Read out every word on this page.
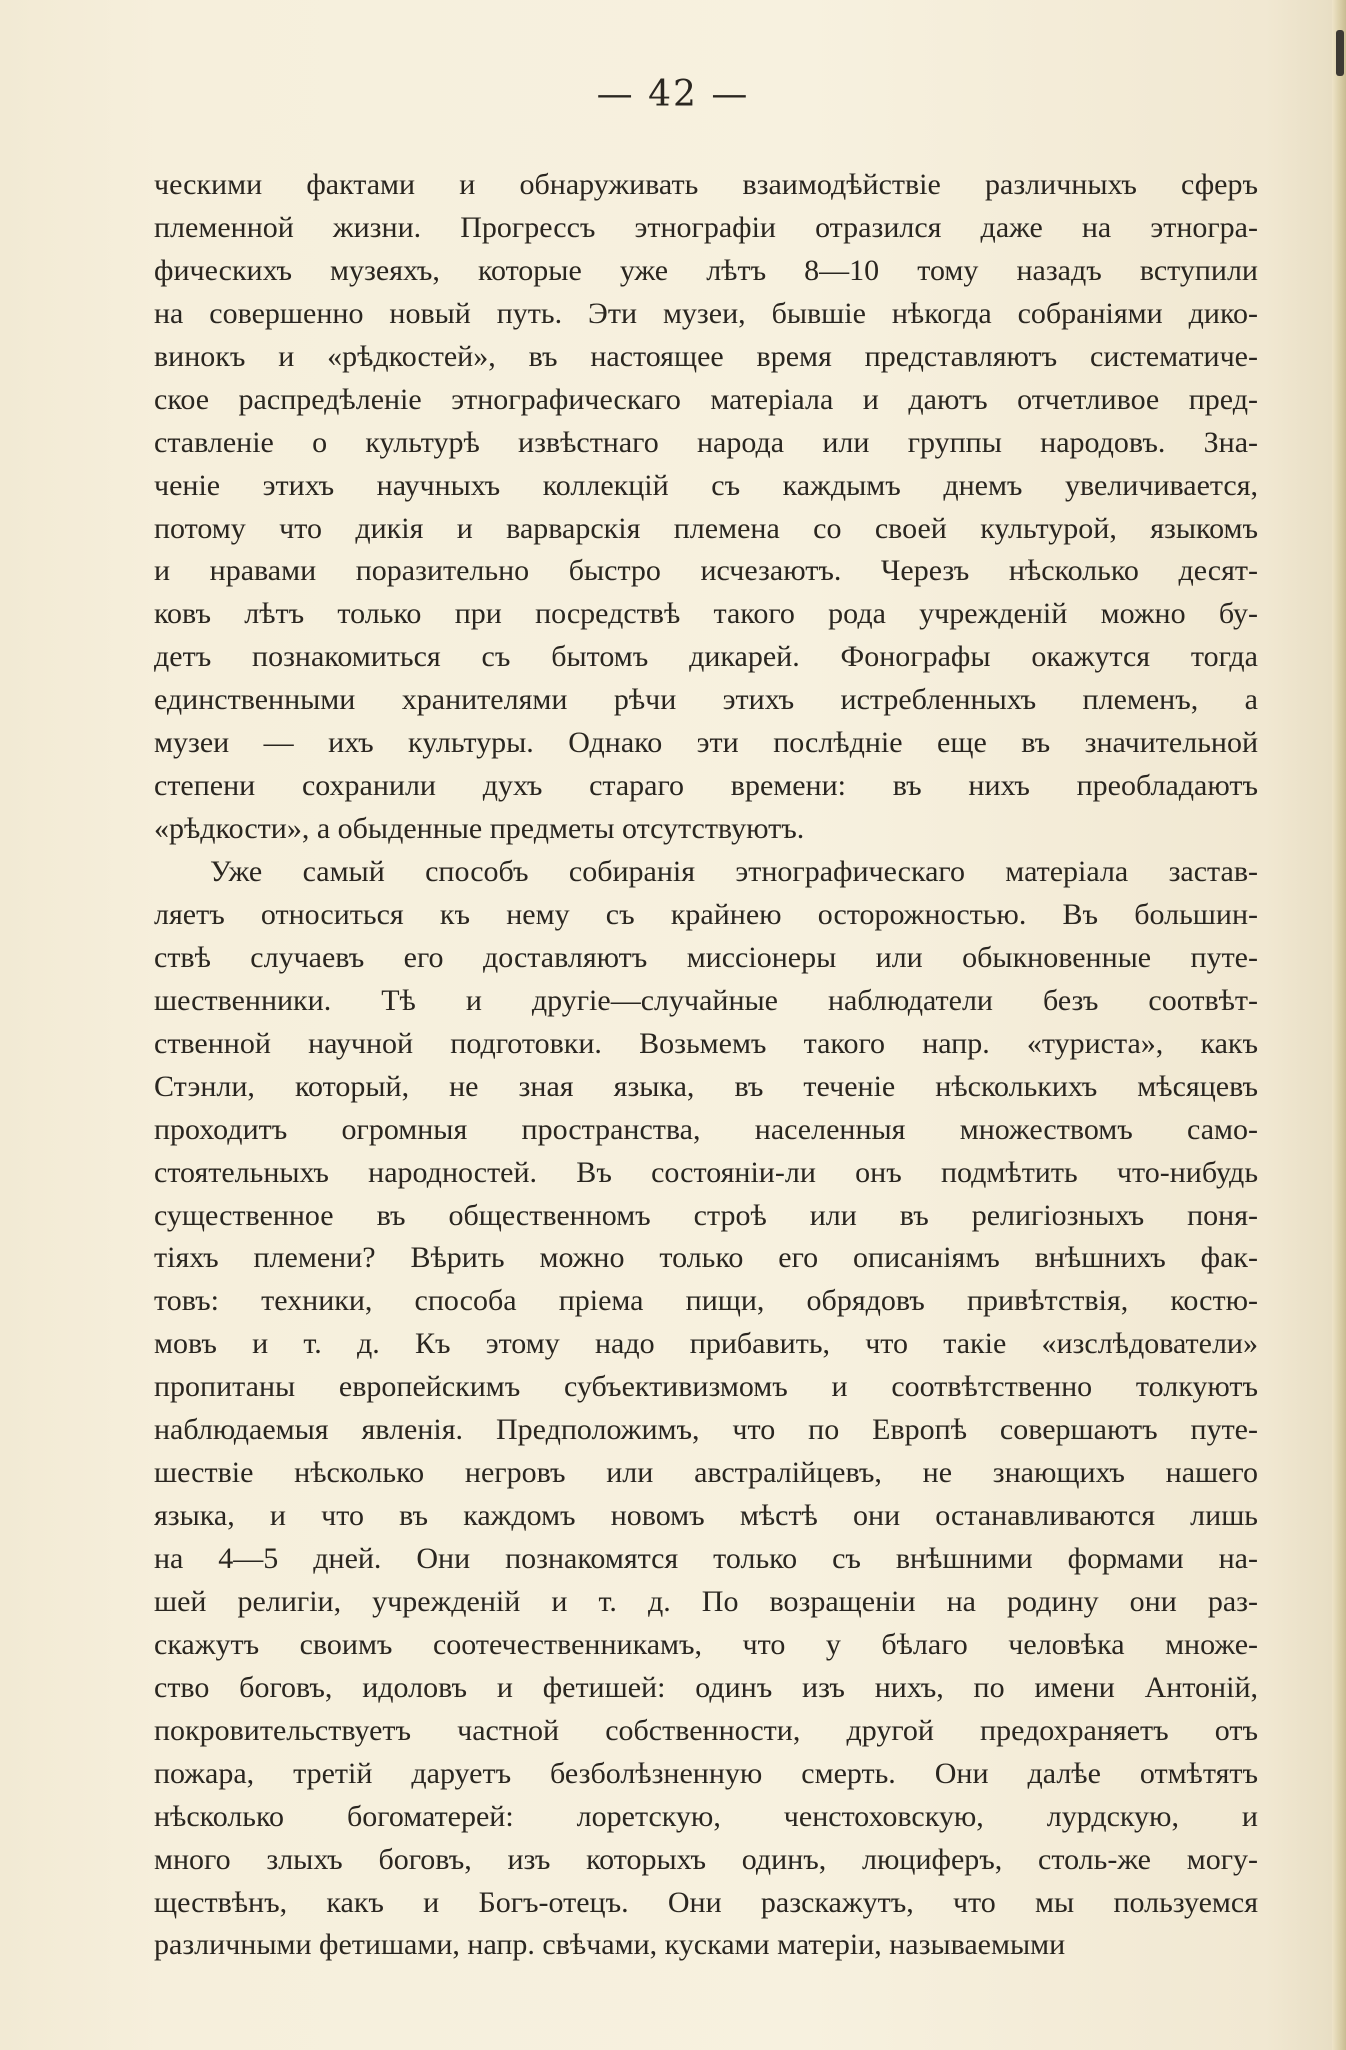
— 42 —
ческими фактами и обнаруживать взаимодѣйствіе различныхъ сферъ
племенной жизни. Прогрессъ этнографіи отразился даже на этногра-
фическихъ музеяхъ, которые уже лѣтъ 8—10 тому назадъ вступили
на совершенно новый путь. Эти музеи, бывшіе нѣкогда собраніями дико-
винокъ и «рѣдкостей», въ настоящее время представляютъ систематиче-
ское распредѣленіе этнографическаго матеріала и даютъ отчетливое пред-
ставленіе о культурѣ извѣстнаго народа или группы народовъ. Зна-
ченіе этихъ научныхъ коллекцій съ каждымъ днемъ увеличивается,
потому что дикія и варварскія племена со своей культурой, языкомъ
и нравами поразительно быстро исчезаютъ. Черезъ нѣсколько десят-
ковъ лѣтъ только при посредствѣ такого рода учрежденій можно бу-
детъ познакомиться съ бытомъ дикарей. Фонографы окажутся тогда
единственными хранителями рѣчи этихъ истребленныхъ племенъ, а
музеи — ихъ культуры. Однако эти послѣдніе еще въ значительной
степени сохранили духъ стараго времени: въ нихъ преобладаютъ
«рѣдкости», а обыденные предметы отсутствуютъ.
Уже самый способъ собиранія этнографическаго матеріала застав-
ляетъ относиться къ нему съ крайнею осторожностью. Въ большин-
ствѣ случаевъ его доставляютъ миссіонеры или обыкновенные путе-
шественники. Тѣ и другіе—случайные наблюдатели безъ соотвѣт-
ственной научной подготовки. Возьмемъ такого напр. «туриста», какъ
Стэнли, который, не зная языка, въ теченіе нѣсколькихъ мѣсяцевъ
проходитъ огромныя пространства, населенныя множествомъ само-
стоятельныхъ народностей. Въ состояніи-ли онъ подмѣтить что-нибудь
существенное въ общественномъ строѣ или въ религіозныхъ поня-
тіяхъ племени? Вѣрить можно только его описаніямъ внѣшнихъ фак-
товъ: техники, способа пріема пищи, обрядовъ привѣтствія, костю-
мовъ и т. д. Къ этому надо прибавить, что такіе «изслѣдователи»
пропитаны европейскимъ субъективизмомъ и соотвѣтственно толкуютъ
наблюдаемыя явленія. Предположимъ, что по Европѣ совершаютъ путе-
шествіе нѣсколько негровъ или австралійцевъ, не знающихъ нашего
языка, и что въ каждомъ новомъ мѣстѣ они останавливаются лишь
на 4—5 дней. Они познакомятся только съ внѣшними формами на-
шей религіи, учрежденій и т. д. По возращеніи на родину они раз-
скажутъ своимъ соотечественникамъ, что у бѣлаго человѣка множе-
ство боговъ, идоловъ и фетишей: одинъ изъ нихъ, по имени Антоній,
покровительствуетъ частной собственности, другой предохраняетъ отъ
пожара, третій даруетъ безболѣзненную смерть. Они далѣе отмѣтятъ
нѣсколько богоматерей: лоретскую, ченстоховскую, лурдскую, и
много злыхъ боговъ, изъ которыхъ одинъ, люциферъ, столь-же могу-
ществѣнъ, какъ и Богъ-отецъ. Они разскажутъ, что мы пользуемся
различными фетишами, напр. свѣчами, кусками матеріи, называемыми
